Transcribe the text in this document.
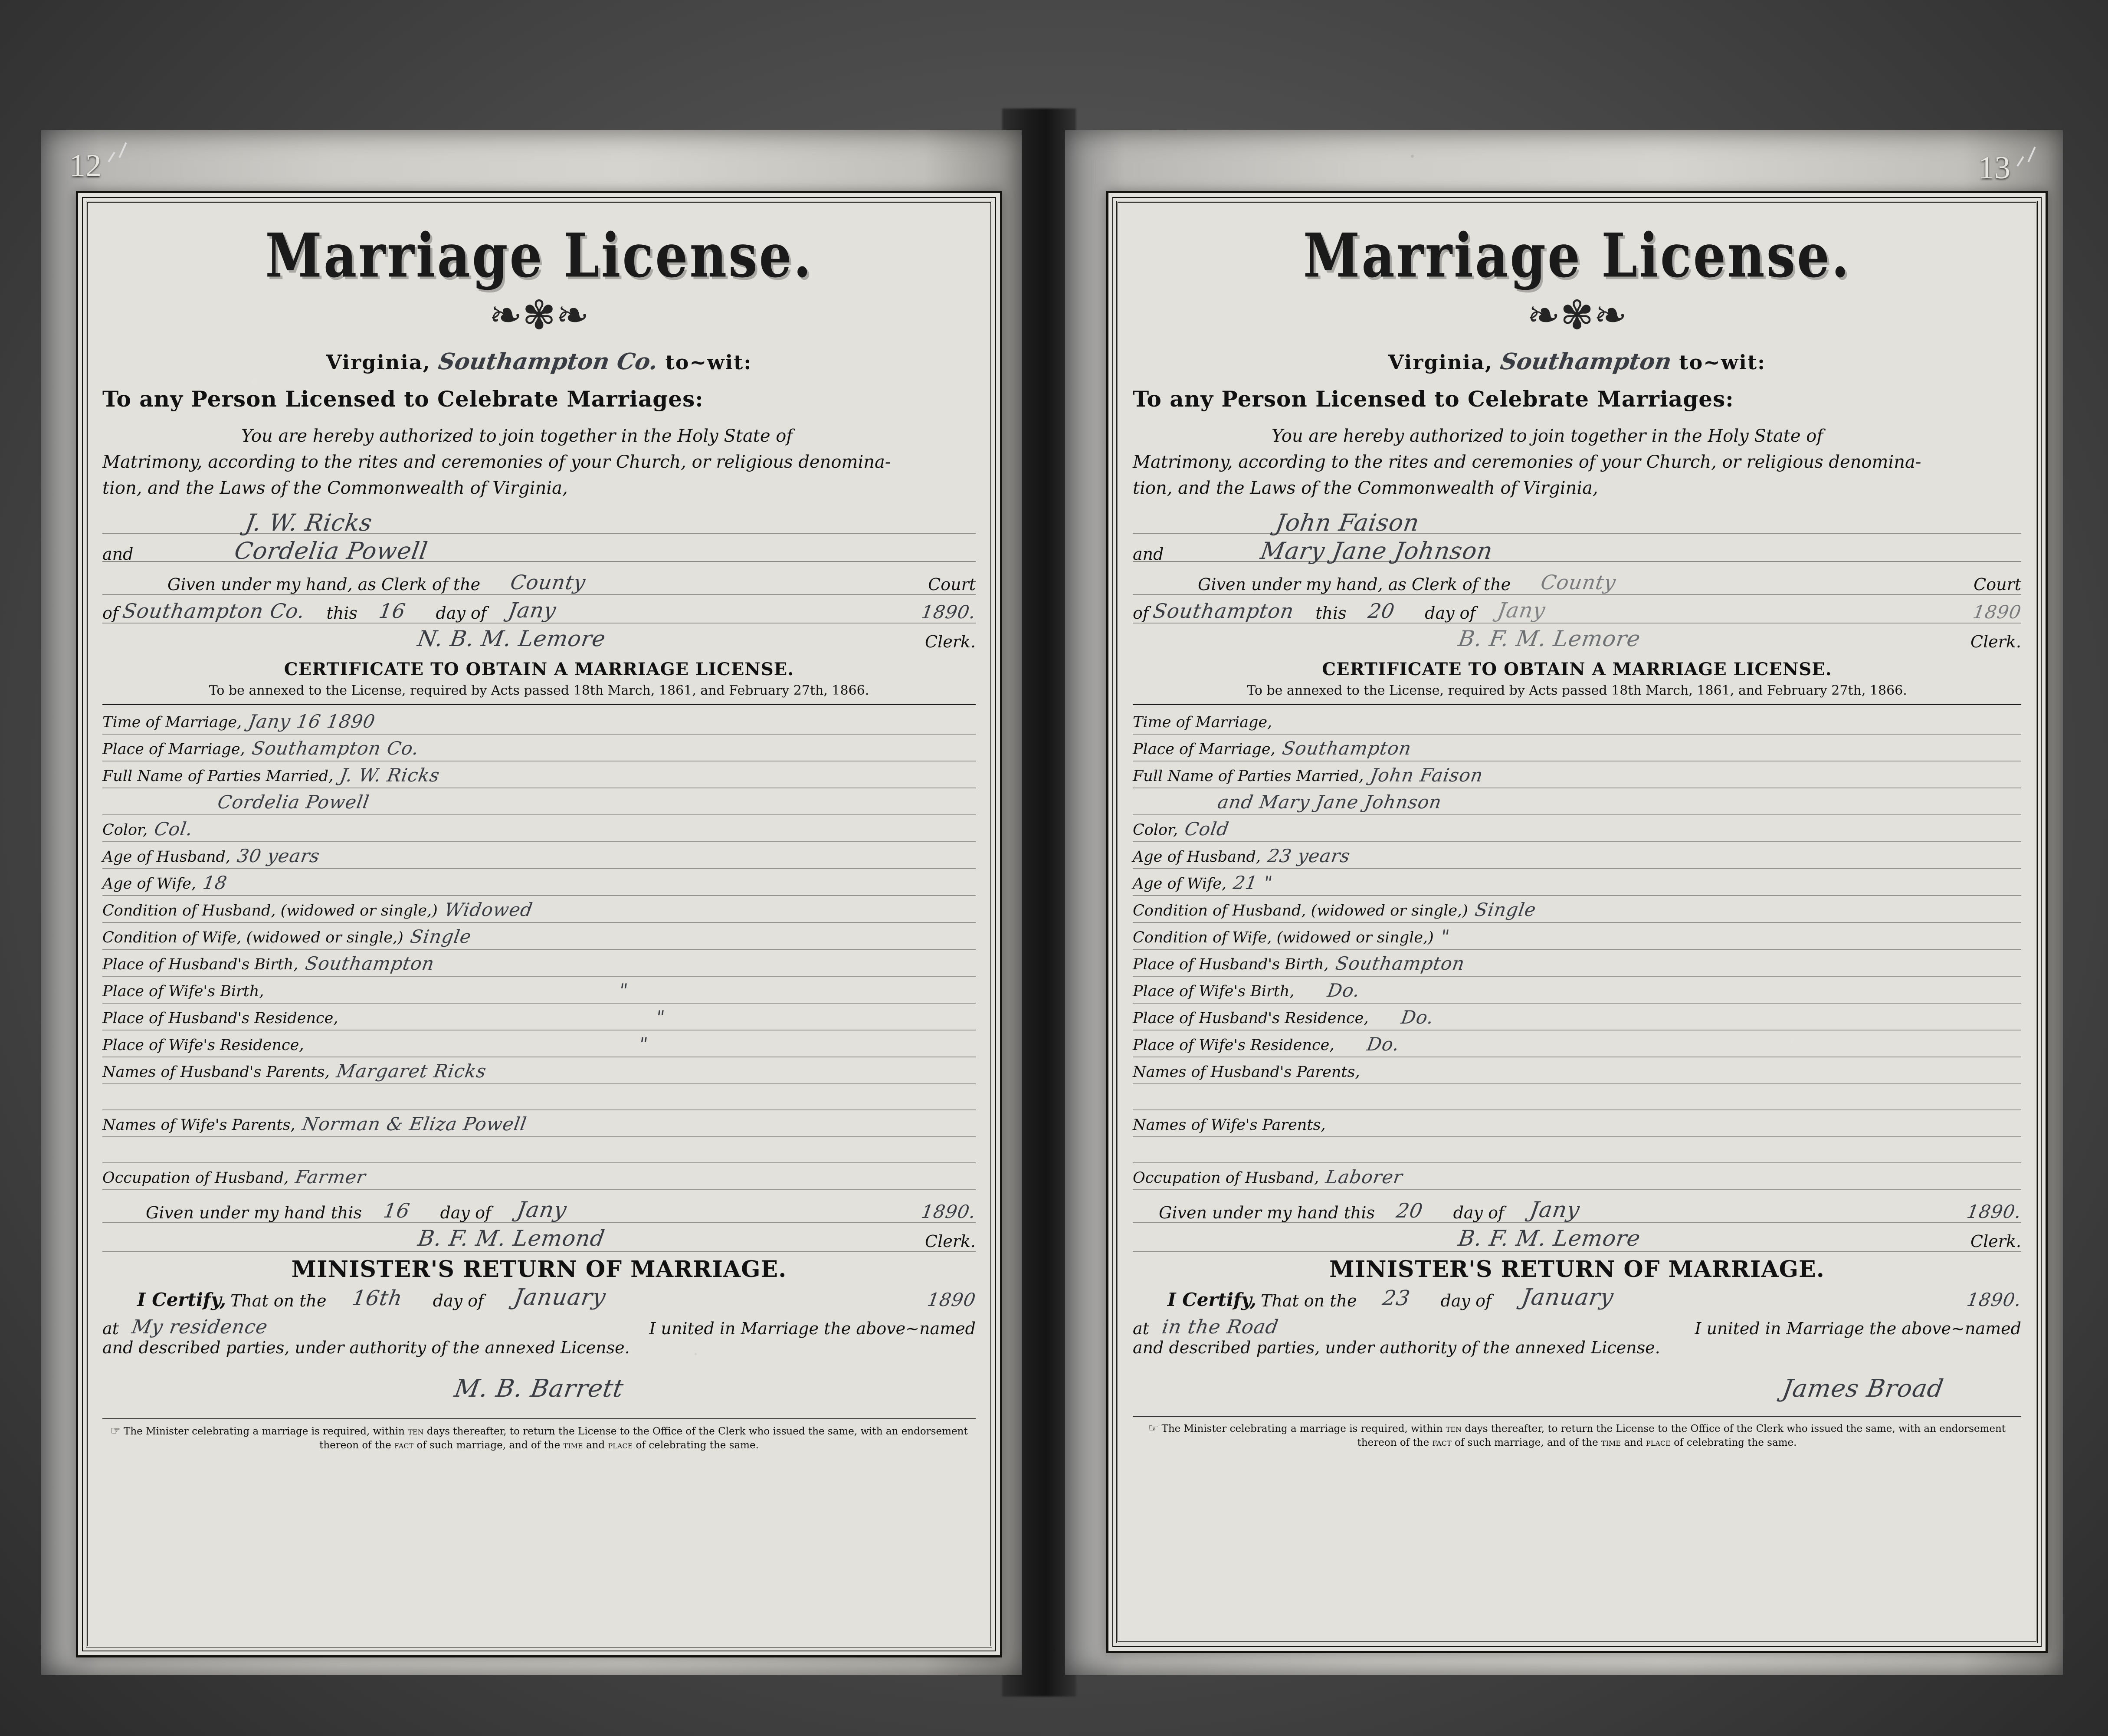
12	13
Marriage License.
❧✾❧
Virginia, Southampton Co. to~wit:
To any Person Licensed to Celebrate Marriages:
You are hereby authorized to join together in the Holy State of
Matrimony, according to the rites and ceremonies of your Church, or religious denomina-
tion, and the Laws of the Commonwealth of Virginia,
J. W. Ricks
and	Cordelia Powell
Given under my hand, as Clerk of the County	Court
of Southampton Co. this 16 day of Jany	1890.
N. B. M. Lemore	Clerk.
CERTIFICATE TO OBTAIN A MARRIAGE LICENSE.
To be annexed to the License, required by Acts passed 18th March, 1861, and February 27th, 1866.
Time of Marriage, Jany 16 1890
Place of Marriage, Southampton Co.
Full Name of Parties Married, J. W. Ricks

Cordelia Powell
Color, Col.
Age of Husband, 30 years
Age of Wife, 18
Condition of Husband, (widowed or single,) Widowed
Condition of Wife, (widowed or single,) Single
Place of Husband's Birth, Southampton
Place of Wife's Birth,	"
Place of Husband's Residence,	"
Place of Wife's Residence,	"
Names of Husband's Parents, Margaret Ricks
Names of Wife's Parents, Norman & Eliza Powell
Occupation of Husband, Farmer
Given under my hand this 16 day of Jany	1890.
B. F. M. Lemond	Clerk.
MINISTER'S RETURN OF MARRIAGE.
I Certify, That on the 16th day of January	1890
at My residence	I united in Marriage the above~named
and described parties, under authority of the annexed License.
M. B. Barrett
☞ The Minister celebrating a marriage is required, within ten days thereafter, to return the License to the Office of the Clerk who issued the same, with an endorsement
thereon of the fact of such marriage, and of the time and place of celebrating the same.
Marriage License.
❧✾❧
Virginia, Southampton to~wit:
To any Person Licensed to Celebrate Marriages:
You are hereby authorized to join together in the Holy State of
Matrimony, according to the rites and ceremonies of your Church, or religious denomina-
tion, and the Laws of the Commonwealth of Virginia,
John Faison
and	Mary Jane Johnson
Given under my hand, as Clerk of the County	Court
of Southampton this 20 day of Jany	1890
B. F. M. Lemore	Clerk.
CERTIFICATE TO OBTAIN A MARRIAGE LICENSE.
To be annexed to the License, required by Acts passed 18th March, 1861, and February 27th, 1866.
Time of Marriage,
Place of Marriage, Southampton
Full Name of Parties Married, John Faison

and Mary Jane Johnson
Color, Cold
Age of Husband, 23 years
Age of Wife, 21 "
Condition of Husband, (widowed or single,) Single
Condition of Wife, (widowed or single,) "
Place of Husband's Birth, Southampton
Place of Wife's Birth,	Do.
Place of Husband's Residence,	Do.
Place of Wife's Residence,	Do.
Names of Husband's Parents,
Names of Wife's Parents,
Occupation of Husband, Laborer
Given under my hand this 20 day of Jany	1890.
B. F. M. Lemore	Clerk.
MINISTER'S RETURN OF MARRIAGE.
I Certify, That on the 23 day of January	1890.
at in the Road	I united in Marriage the above~named
and described parties, under authority of the annexed License.
James Broad
☞ The Minister celebrating a marriage is required, within ten days thereafter, to return the License to the Office of the Clerk who issued the same, with an endorsement
thereon of the fact of such marriage, and of the time and place of celebrating the same.
